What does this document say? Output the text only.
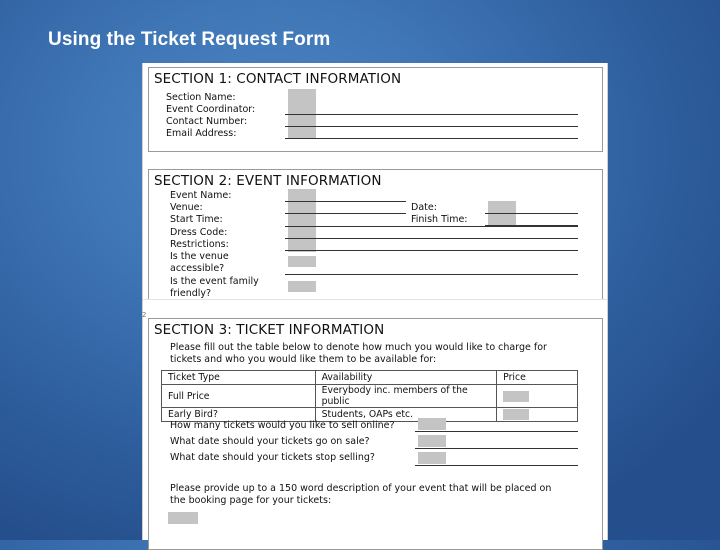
Using the Ticket Request Form
SECTION 1: CONTACT INFORMATION
Section Name:
Event Coordinator:
Contact Number:
Email Address:
SECTION 2: EVENT INFORMATION
Event Name:
Venue:
Start Time:
Dress Code:
Restrictions:
Is the venue
accessible?
Is the event family
friendly?
Date:
Finish Time:
2
SECTION 3: TICKET INFORMATION
Please fill out the table below to denote how much you would like to charge for
tickets and who you would like them to be available for:
Ticket Type	Availability	Price
Full Price	Everybody inc. members of the public	
Early Bird?	Students, OAPs etc.	
How many tickets would you like to sell online?
What date should your tickets go on sale?
What date should your tickets stop selling?
Please provide up to a 150 word description of your event that will be placed on
the booking page for your tickets:
